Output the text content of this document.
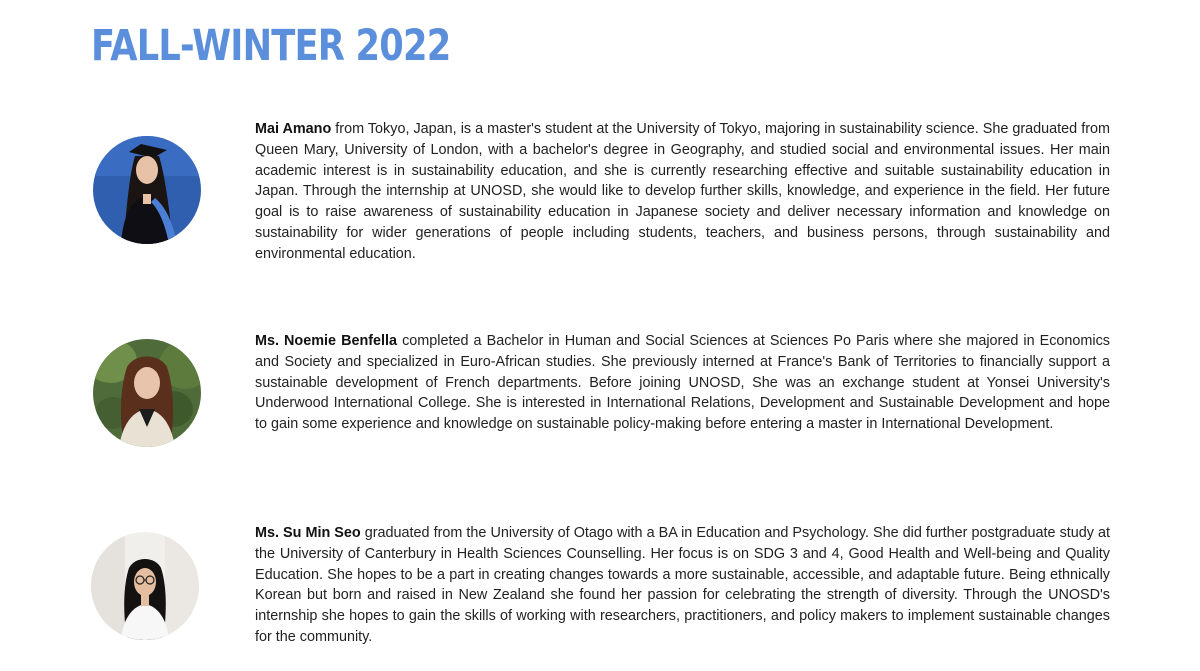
FALL-WINTER 2022

Mai Amano from Tokyo, Japan, is a master's student at the University of Tokyo, majoring in sustainability science. She graduated from Queen Mary, University of London, with a bachelor's degree in Geography, and studied social and environmental issues. Her main academic interest is in sustainability education, and she is currently researching effective and suitable sustainability education in Japan. Through the internship at UNOSD, she would like to develop further skills, knowledge, and experience in the field. Her future goal is to raise awareness of sustainability education in Japanese society and deliver necessary information and knowledge on sustainability for wider generations of people including students, teachers, and business persons, through sustainability and environmental education.

Ms. Noemie Benfella completed a Bachelor in Human and Social Sciences at Sciences Po Paris where she majored in Economics and Society and specialized in Euro-African studies. She previously interned at France's Bank of Territories to financially support a sustainable development of French departments. Before joining UNOSD, She was an exchange student at Yonsei University's Underwood International College. She is interested in International Relations, Development and Sustainable Development and hope to gain some experience and knowledge on sustainable policy-making before entering a master in International Development.

Ms. Su Min Seo graduated from the University of Otago with a BA in Education and Psychology. She did further postgraduate study at the University of Canterbury in Health Sciences Counselling. Her focus is on SDG 3 and 4, Good Health and Well-being and Quality Education. She hopes to be a part in creating changes towards a more sustainable, accessible, and adaptable future. Being ethnically Korean but born and raised in New Zealand she found her passion for celebrating the strength of diversity. Through the UNOSD's internship she hopes to gain the skills of working with researchers, practitioners, and policy makers to implement sustainable changes for the community.
